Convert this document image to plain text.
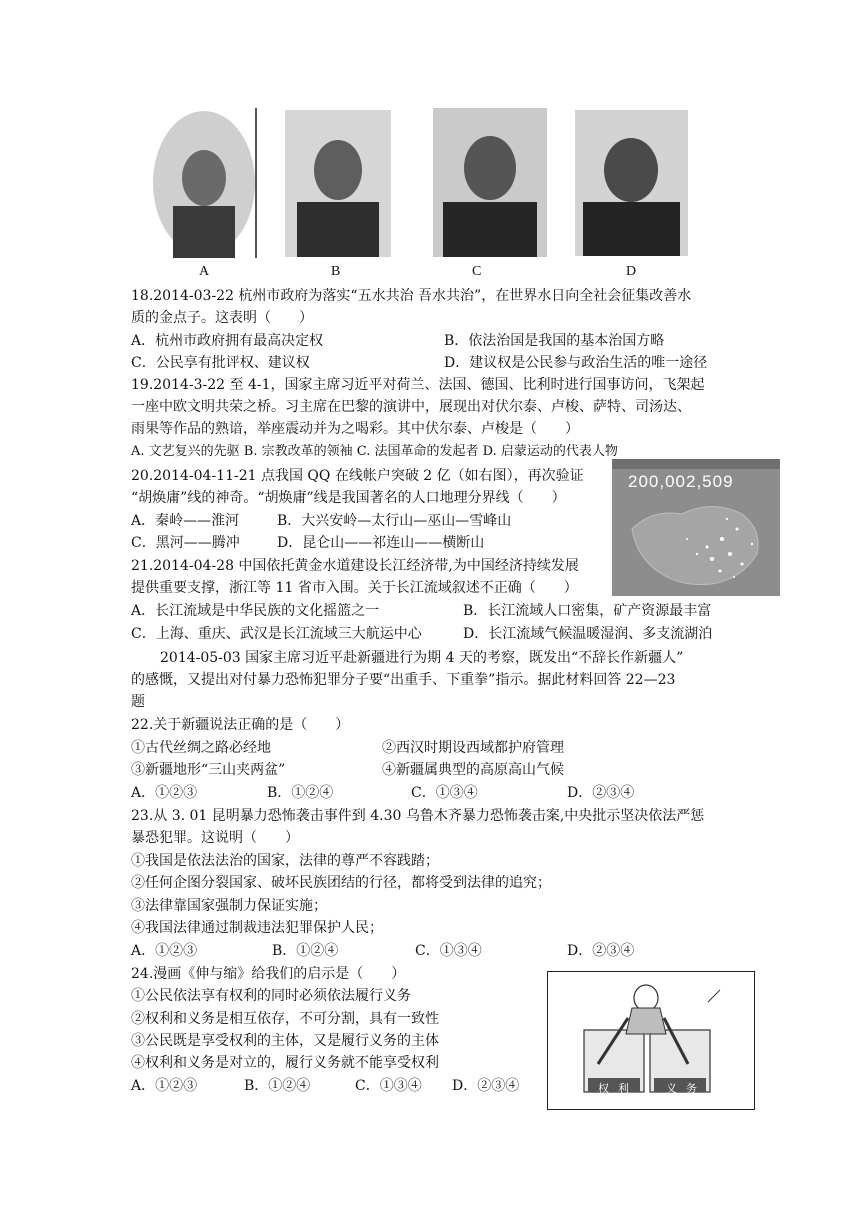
A	B	C	D
18.2014-03-22 杭州市政府为落实“五水共治 吾水共治”，在世界水日向全社会征集改善水
质的金点子。这表明（　　）
A．杭州市政府拥有最高决定权	B．依法治国是我国的基本治国方略
C．公民享有批评权、建议权	D．建议权是公民参与政治生活的唯一途径
19.2014-3-22 至 4-1，国家主席习近平对荷兰、法国、德国、比利时进行国事访问，飞架起
一座中欧文明共荣之桥。习主席在巴黎的演讲中，展现出对伏尔泰、卢梭、萨特、司汤达、
雨果等作品的熟谙，举座震动并为之喝彩。其中伏尔泰、卢梭是（　　）
A. 文艺复兴的先驱 B. 宗教改革的领袖 C. 法国革命的发起者 D. 启蒙运动的代表人物
20.2014-04-11-21 点我国 QQ 在线帐户突破 2 亿（如右图），再次验证
“胡焕庸”线的神奇。“胡焕庸”线是我国著名的人口地理分界线（　　）
A．秦岭——淮河	B．大兴安岭—太行山—巫山—雪峰山
C．黑河——腾冲	D．昆仑山——祁连山——横断山
200,002,509
21.2014-04-28 中国依托黄金水道建设长江经济带,为中国经济持续发展
提供重要支撑，浙江等 11 省市入围。关于长江流域叙述不正确（　　）
A．长江流域是中华民族的文化摇篮之一	B．长江流域人口密集，矿产资源最丰富
C．上海、重庆、武汉是长江流域三大航运中心	D．长江流域气候温暖湿润、多支流湖泊
2014-05-03 国家主席习近平赴新疆进行为期 4 天的考察，既发出“不辞长作新疆人”
的感慨，又提出对付暴力恐怖犯罪分子要“出重手、下重拳”指示。据此材料回答 22—23
题
22.关于新疆说法正确的是（　　）
①古代丝绸之路必经地	②西汉时期设西域都护府管理
③新疆地形“三山夹两盆”	④新疆属典型的高原高山气候
A．①②③	B．①②④	C．①③④	D．②③④
23.从 3. 01 昆明暴力恐怖袭击事件到 4.30 乌鲁木齐暴力恐怖袭击案,中央批示坚决依法严惩
暴恐犯罪。这说明（　　）
①我国是依法法治的国家，法律的尊严不容践踏；
②任何企图分裂国家、破坏民族团结的行径，都将受到法律的追究；
③法律靠国家强制力保证实施；
④我国法律通过制裁违法犯罪保护人民；
A．①②③	B．①②④	C．①③④	D．②③④
24.漫画《伸与缩》给我们的启示是（　　）
①公民依法享有权利的同时必须依法履行义务
②权利和义务是相互依存，不可分割，具有一致性
③公民既是享受权利的主体，又是履行义务的主体
④权利和义务是对立的，履行义务就不能享受权利
A．①②③	B．①②④	C．①③④ D．②③④	权 利	义 务
